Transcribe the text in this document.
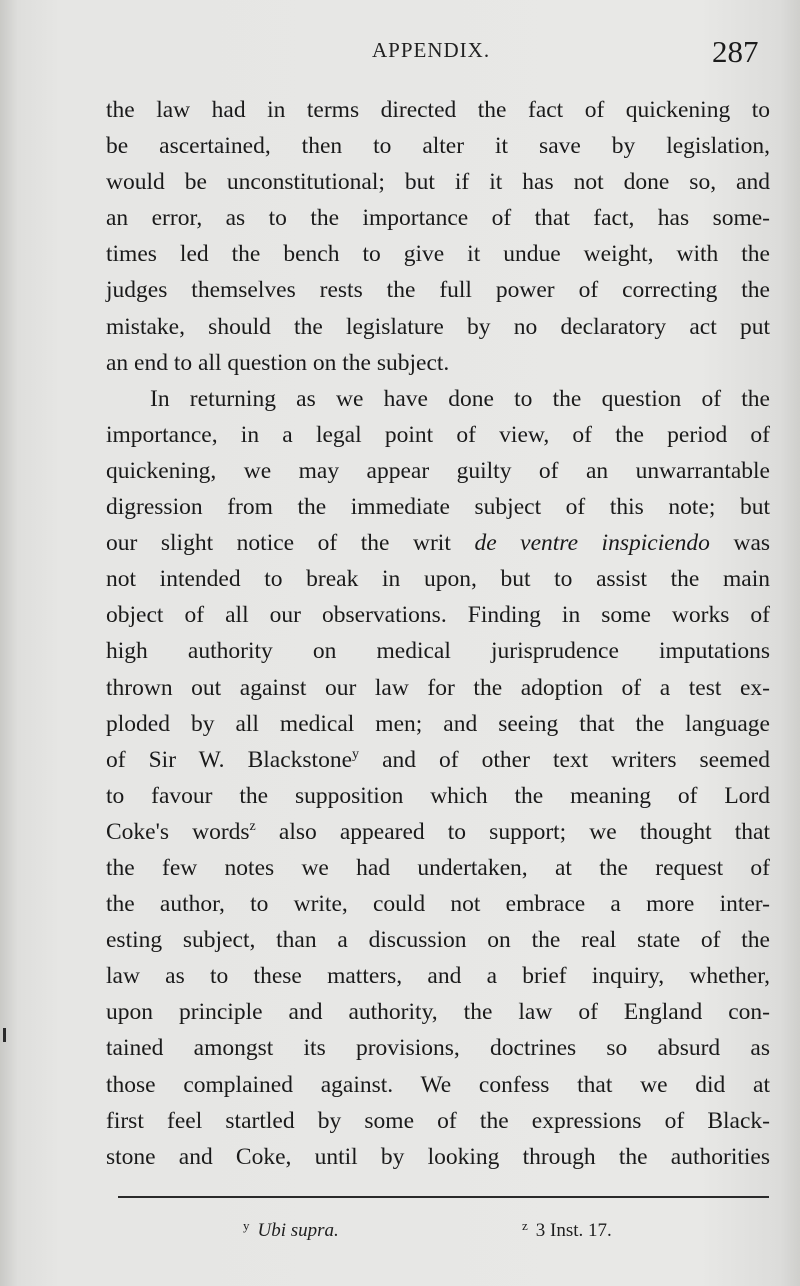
APPENDIX.	287
the law had in terms directed the fact of quickening to
be ascertained, then to alter it save by legislation,
would be unconstitutional; but if it has not done so, and
an error, as to the importance of that fact, has some-
times led the bench to give it undue weight, with the
judges themselves rests the full power of correcting the
mistake, should the legislature by no declaratory act put
an end to all question on the subject.
In returning as we have done to the question of the
importance, in a legal point of view, of the period of
quickening, we may appear guilty of an unwarrantable
digression from the immediate subject of this note; but
our slight notice of the writ de ventre inspiciendo was
not intended to break in upon, but to assist the main
object of all our observations. Finding in some works of
high authority on medical jurisprudence imputations
thrown out against our law for the adoption of a test ex-
ploded by all medical men; and seeing that the language
of Sir W. Blackstone$^y$ and of other text writers seemed
to favour the supposition which the meaning of Lord
Coke's words$^z$ also appeared to support; we thought that
the few notes we had undertaken, at the request of
the author, to write, could not embrace a more inter-
esting subject, than a discussion on the real state of the
law as to these matters, and a brief inquiry, whether,
upon principle and authority, the law of England con-
tained amongst its provisions, doctrines so absurd as
those complained against. We confess that we did at
first feel startled by some of the expressions of Black-
stone and Coke, until by looking through the authorities
$^y$ Ubi supra.	$^z$ 3 Inst. 17.
